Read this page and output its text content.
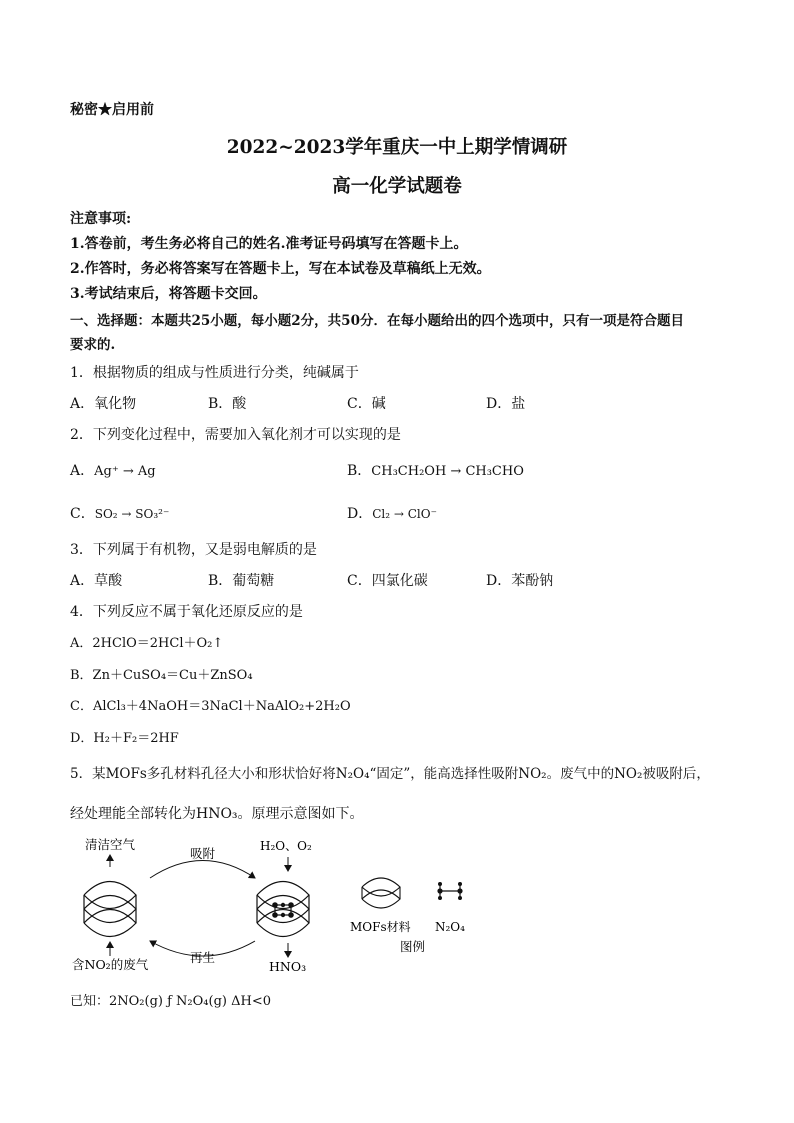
秘密★启用前
2022~2023学年重庆一中上期学情调研
高一化学试题卷
注意事项:
1.答卷前，考生务必将自己的姓名.准考证号码填写在答题卡上。
2.作答时，务必将答案写在答题卡上，写在本试卷及草稿纸上无效。
3.考试结束后，将答题卡交回。
一、选择题：本题共25小题，每小题2分，共50分．在每小题给出的四个选项中，只有一项是符合题目
要求的.
1．根据物质的组成与性质进行分类，纯碱属于
A．氧化物	B．酸	C．碱	D．盐
2．下列变化过程中，需要加入氧化剂才可以实现的是
A．Ag⁺ → Ag	B．CH₃CH₂OH → CH₃CHO
C．SO₂ → SO₃²⁻	D．Cl₂ → ClO⁻
3．下列属于有机物，又是弱电解质的是
A．草酸	B．葡萄糖	C．四氯化碳	D．苯酚钠
4．下列反应不属于氧化还原反应的是
A．2HClO＝2HCl＋O₂↑
B．Zn＋CuSO₄＝Cu＋ZnSO₄
C．AlCl₃＋4NaOH＝3NaCl＋NaAlO₂+2H₂O
D．H₂＋F₂＝2HF
5．某MOFs多孔材料孔径大小和形状恰好将N₂O₄“固定”，能高选择性吸附NO₂。废气中的NO₂被吸附后，
经处理能全部转化为HNO₃。原理示意图如下。
清洁空气
吸附	H₂O、O₂
再生
含NO₂的废气	HNO₃
MOFs材料 N₂O₄
图例
已知：2NO₂(g) ƒ N₂O₄(g) ΔH<0
